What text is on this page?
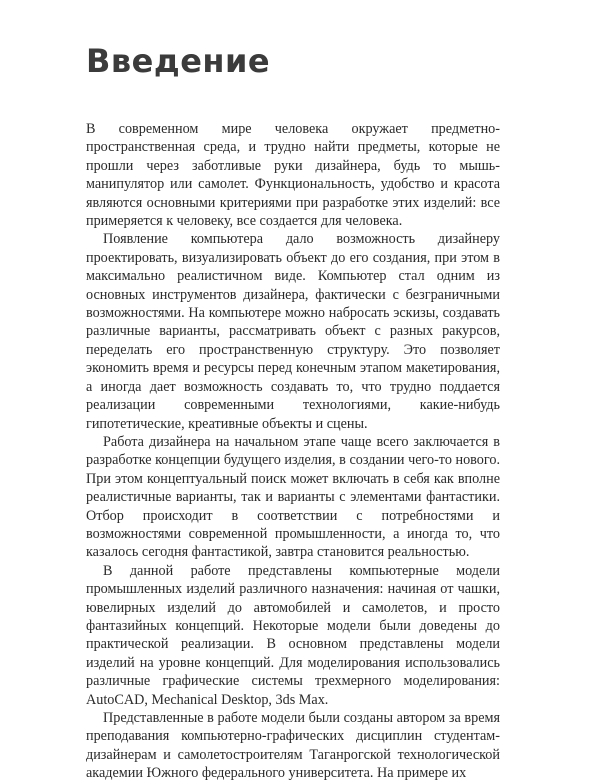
Введение

В современном мире человека окружает предметно-пространственная среда, и трудно найти предметы, которые не прошли через заботливые руки дизайнера, будь то мышь-манипулятор или самолет. Функциональность, удобство и красота являются основными критериями при разработке этих изделий: все примеряется к человеку, все создается для человека.

Появление компьютера дало возможность дизайнеру проектировать, визуализировать объект до его создания, при этом в максимально реалистичном виде. Компьютер стал одним из основных инструментов дизайнера, фактически с безграничными возможностями. На компьютере можно набросать эскизы, создавать различные варианты, рассматривать объект с разных ракурсов, переделать его пространственную структуру. Это позволяет экономить время и ресурсы перед конечным этапом макетирования, а иногда дает возможность создавать то, что трудно поддается реализации современными технологиями, какие-нибудь гипотетические, креативные объекты и сцены.

Работа дизайнера на начальном этапе чаще всего заключается в разработке концепции будущего изделия, в создании чего-то нового. При этом концептуальный поиск может включать в себя как вполне реалистичные варианты, так и варианты с элементами фантастики. Отбор происходит в соответствии с потребностями и возможностями современной промышленности, а иногда то, что казалось сегодня фантастикой, завтра становится реальностью.

В данной работе представлены компьютерные модели промышленных изделий различного назначения: начиная от чашки, ювелирных изделий до автомобилей и самолетов, и просто фантазийных концепций. Некоторые модели были доведены до практической реализации. В основном представлены модели изделий на уровне концепций. Для моделирования использовались различные графические системы трехмерного моделирования: AutoCAD, Mechanical Desktop, 3ds Max.

Представленные в работе модели были созданы автором за время преподавания компьютерно-графических дисциплин студентам-дизайнерам и самолетостроителям Таганрогской технологической академии Южного федерального университета. На примере их
